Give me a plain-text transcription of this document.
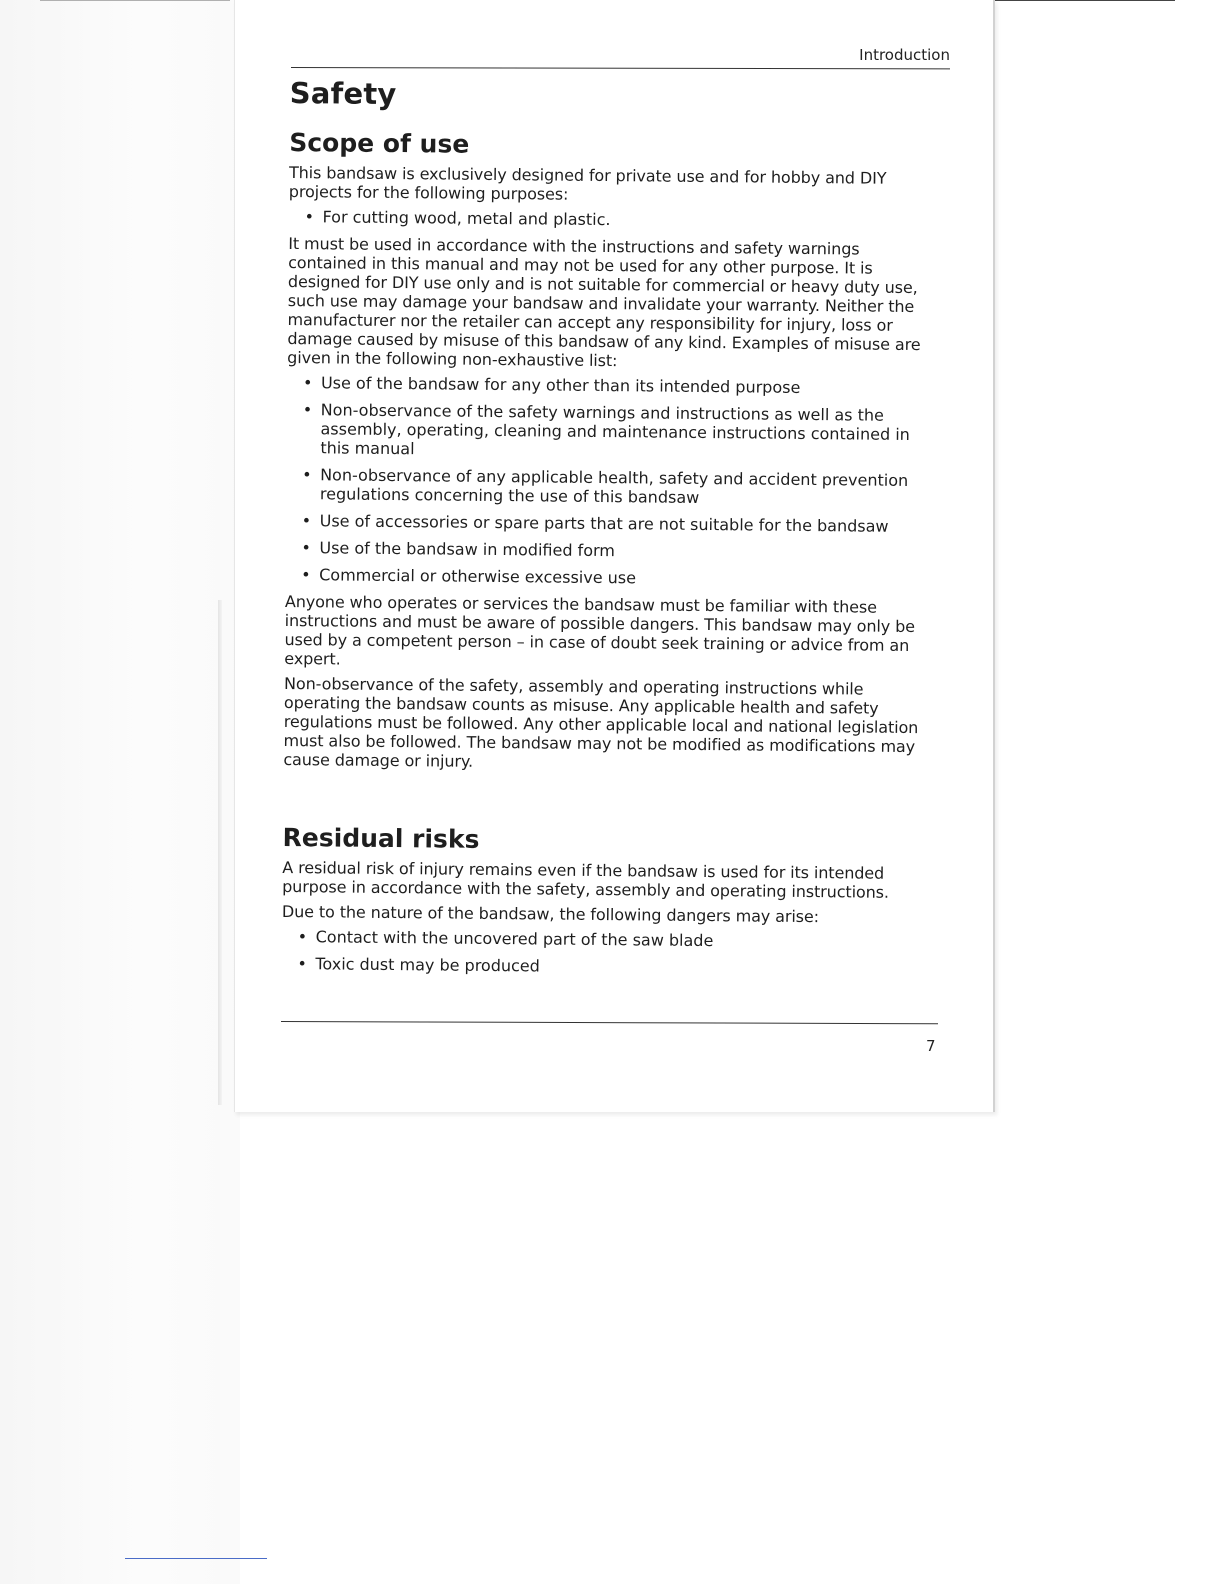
Introduction
Safety
Scope of use

This bandsaw is exclusively designed for private use and for hobby and DIY projects for the following purposes:

• For cutting wood, metal and plastic.

It must be used in accordance with the instructions and safety warnings contained in this manual and may not be used for any other purpose. It is designed for DIY use only and is not suitable for commercial or heavy duty use, such use may damage your bandsaw and invalidate your warranty. Neither the manufacturer nor the retailer can accept any responsibility for injury, loss or damage caused by misuse of this bandsaw of any kind. Examples of misuse are given in the following non-exhaustive list:

• Use of the bandsaw for any other than its intended purpose
• Non-observance of the safety warnings and instructions as well as the assembly, operating, cleaning and maintenance instructions contained in this manual
• Non-observance of any applicable health, safety and accident prevention regulations concerning the use of this bandsaw
• Use of accessories or spare parts that are not suitable for the bandsaw
• Use of the bandsaw in modified form
• Commercial or otherwise excessive use

Anyone who operates or services the bandsaw must be familiar with these instructions and must be aware of possible dangers. This bandsaw may only be used by a competent person – in case of doubt seek training or advice from an expert.

Non-observance of the safety, assembly and operating instructions while operating the bandsaw counts as misuse. Any applicable health and safety regulations must be followed. Any other applicable local and national legislation must also be followed. The bandsaw may not be modified as modifications may cause damage or injury.

Residual risks

A residual risk of injury remains even if the bandsaw is used for its intended purpose in accordance with the safety, assembly and operating instructions.

Due to the nature of the bandsaw, the following dangers may arise:

• Contact with the uncovered part of the saw blade
• Toxic dust may be produced
7
